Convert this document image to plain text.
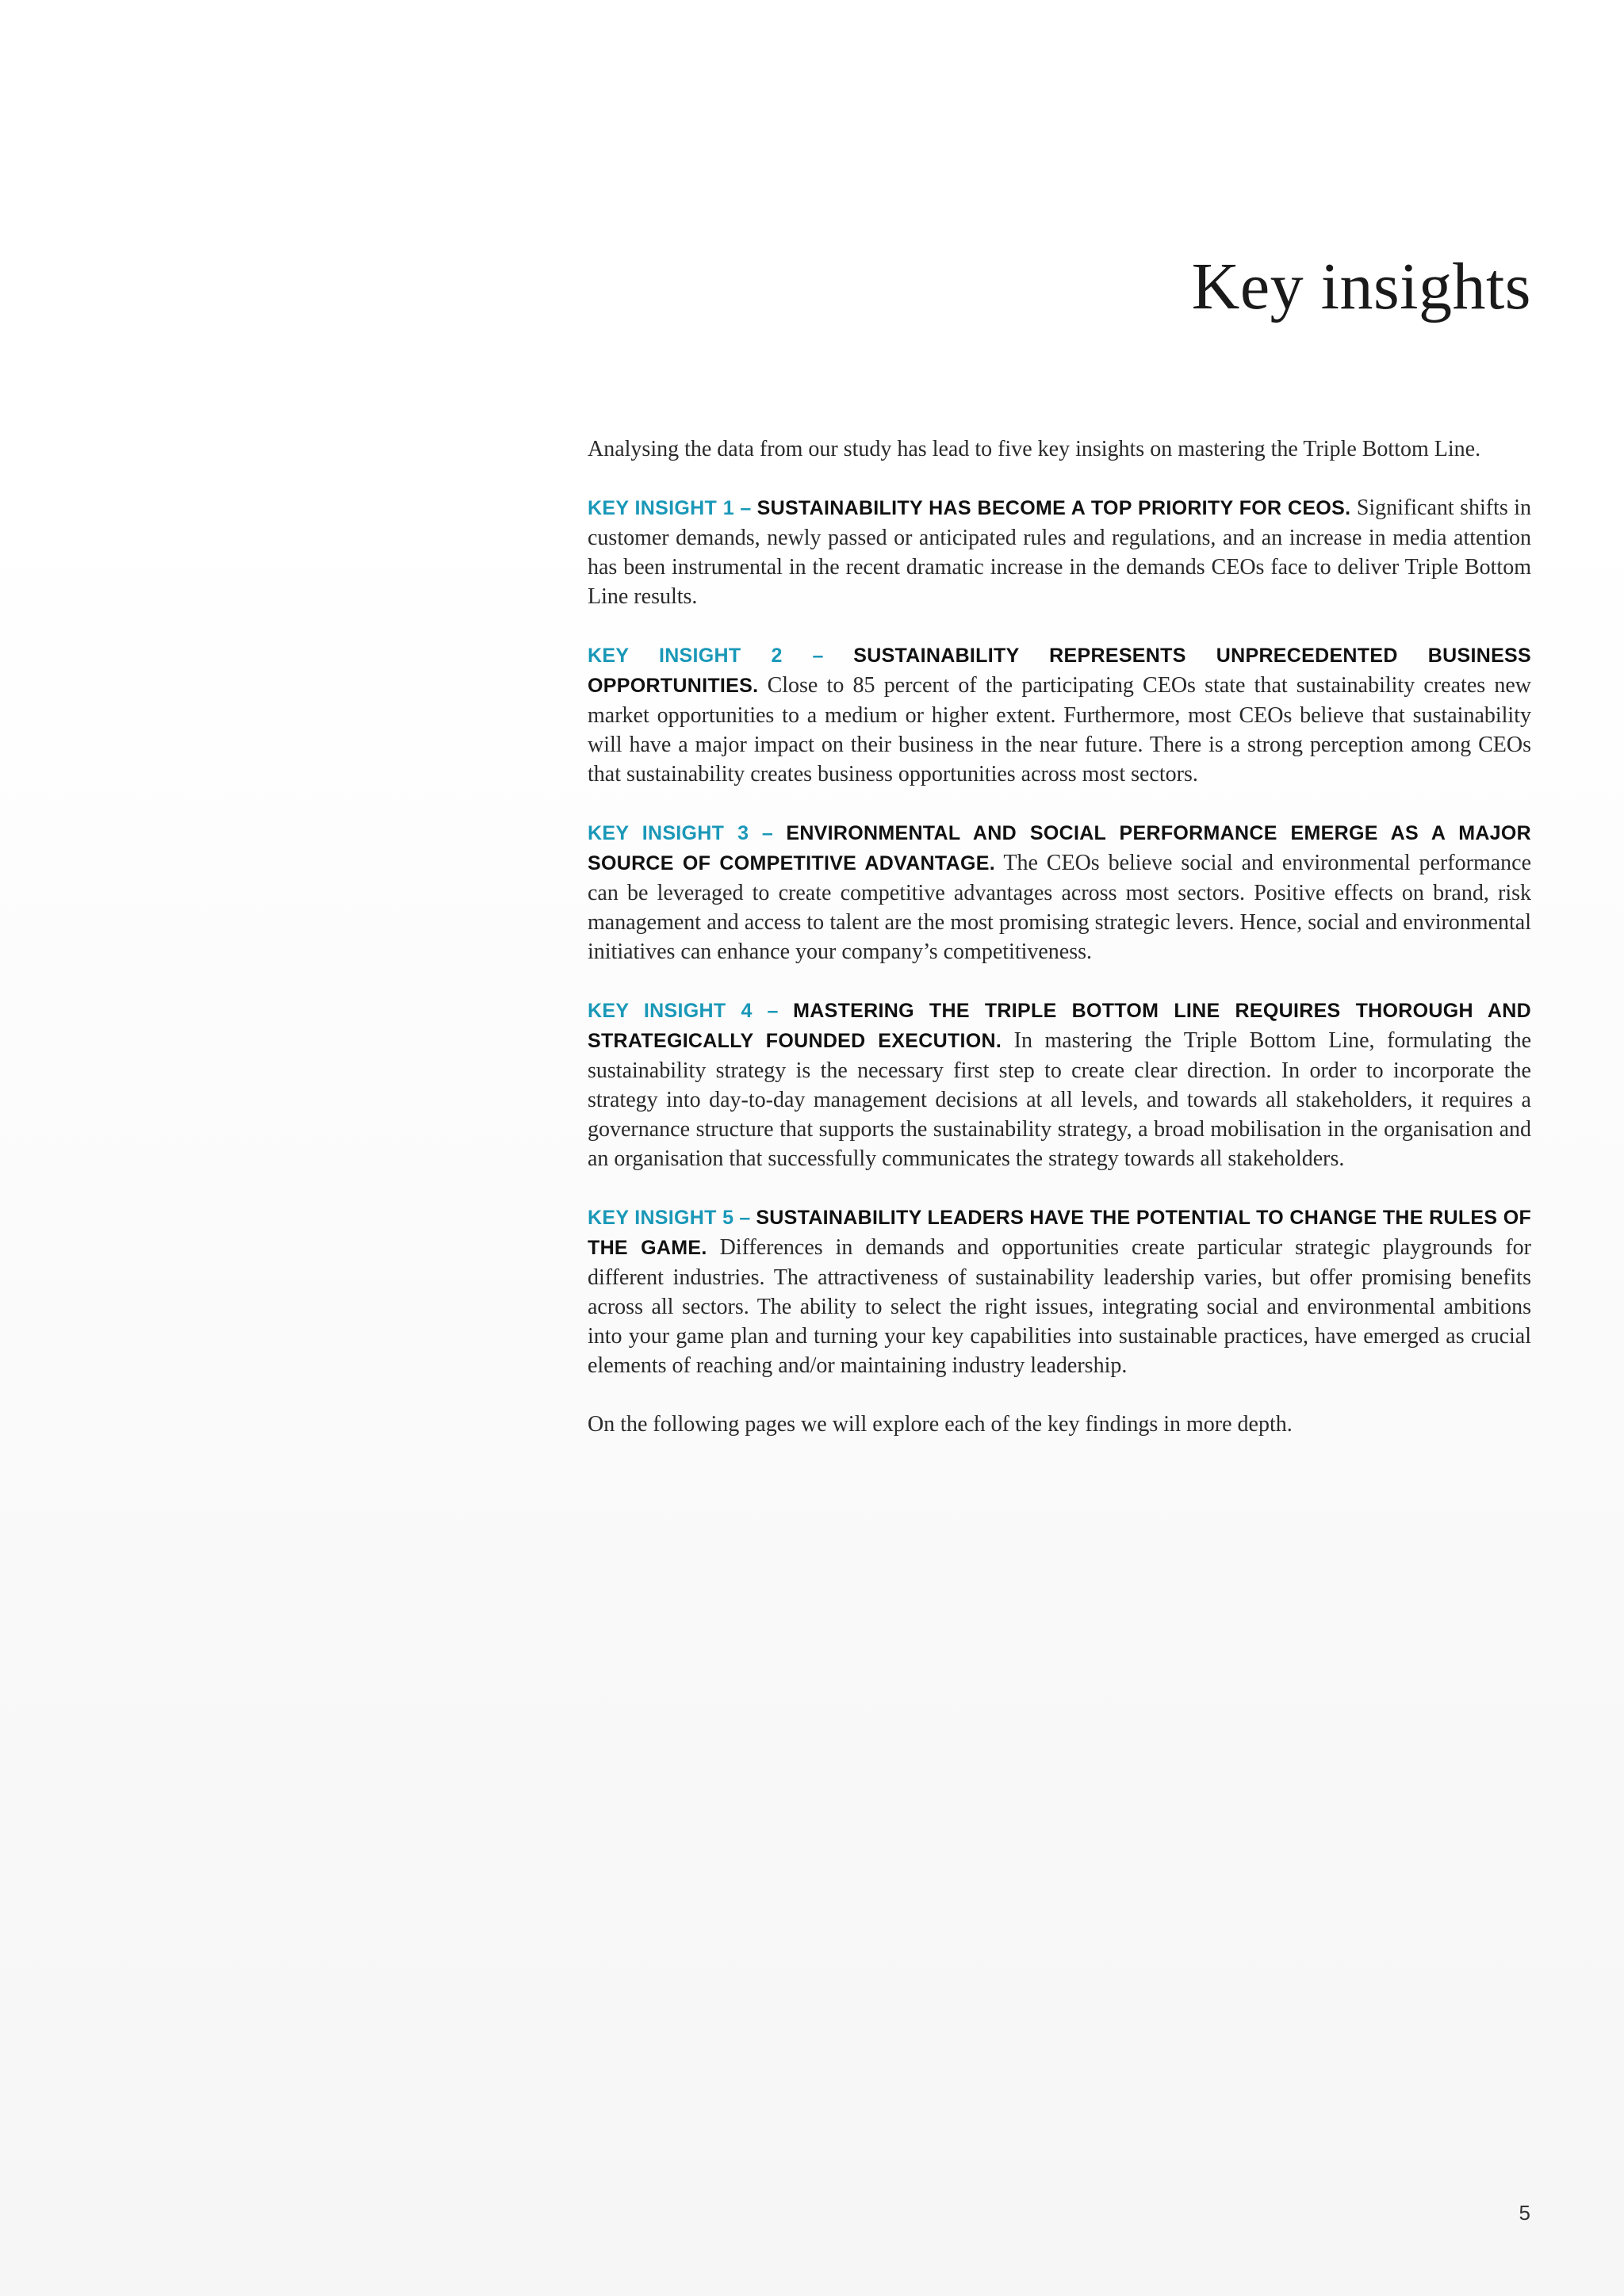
Key insights

Analysing the data from our study has lead to five key insights on mastering the Triple Bottom Line.

KEY INSIGHT 1 – SUSTAINABILITY HAS BECOME A TOP PRIORITY FOR CEOS. Significant shifts in customer demands, newly passed or anticipated rules and regulations, and an increase in media attention has been instrumental in the recent dramatic increase in the demands CEOs face to deliver Triple Bottom Line results.

KEY INSIGHT 2 – SUSTAINABILITY REPRESENTS UNPRECEDENTED BUSINESS OPPORTUNITIES. Close to 85 percent of the participating CEOs state that sustainability creates new market opportunities to a medium or higher extent. Furthermore, most CEOs believe that sustainability will have a major impact on their business in the near future. There is a strong perception among CEOs that sustainability creates business opportunities across most sectors.

KEY INSIGHT 3 – ENVIRONMENTAL AND SOCIAL PERFORMANCE EMERGE AS A MAJOR SOURCE OF COMPETITIVE ADVANTAGE. The CEOs believe social and environmental performance can be leveraged to create competitive advantages across most sectors. Positive effects on brand, risk management and access to talent are the most promising strategic levers. Hence, social and environmental initiatives can enhance your company’s competitiveness.

KEY INSIGHT 4 – MASTERING THE TRIPLE BOTTOM LINE REQUIRES THOROUGH AND STRATEGICALLY FOUNDED EXECUTION. In mastering the Triple Bottom Line, formulating the sustainability strategy is the necessary first step to create clear direction. In order to incorporate the strategy into day-to-day management decisions at all levels, and towards all stakeholders, it requires a governance structure that supports the sustainability strategy, a broad mobilisation in the organisation and an organisation that successfully communicates the strategy towards all stakeholders.

KEY INSIGHT 5 – SUSTAINABILITY LEADERS HAVE THE POTENTIAL TO CHANGE THE RULES OF THE GAME. Differences in demands and opportunities create particular strategic playgrounds for different industries. The attractiveness of sustainability leadership varies, but offer promising benefits across all sectors. The ability to select the right issues, integrating social and environmental ambitions into your game plan and turning your key capabilities into sustainable practices, have emerged as crucial elements of reaching and/or maintaining industry leadership.

On the following pages we will explore each of the key findings in more depth.

5
